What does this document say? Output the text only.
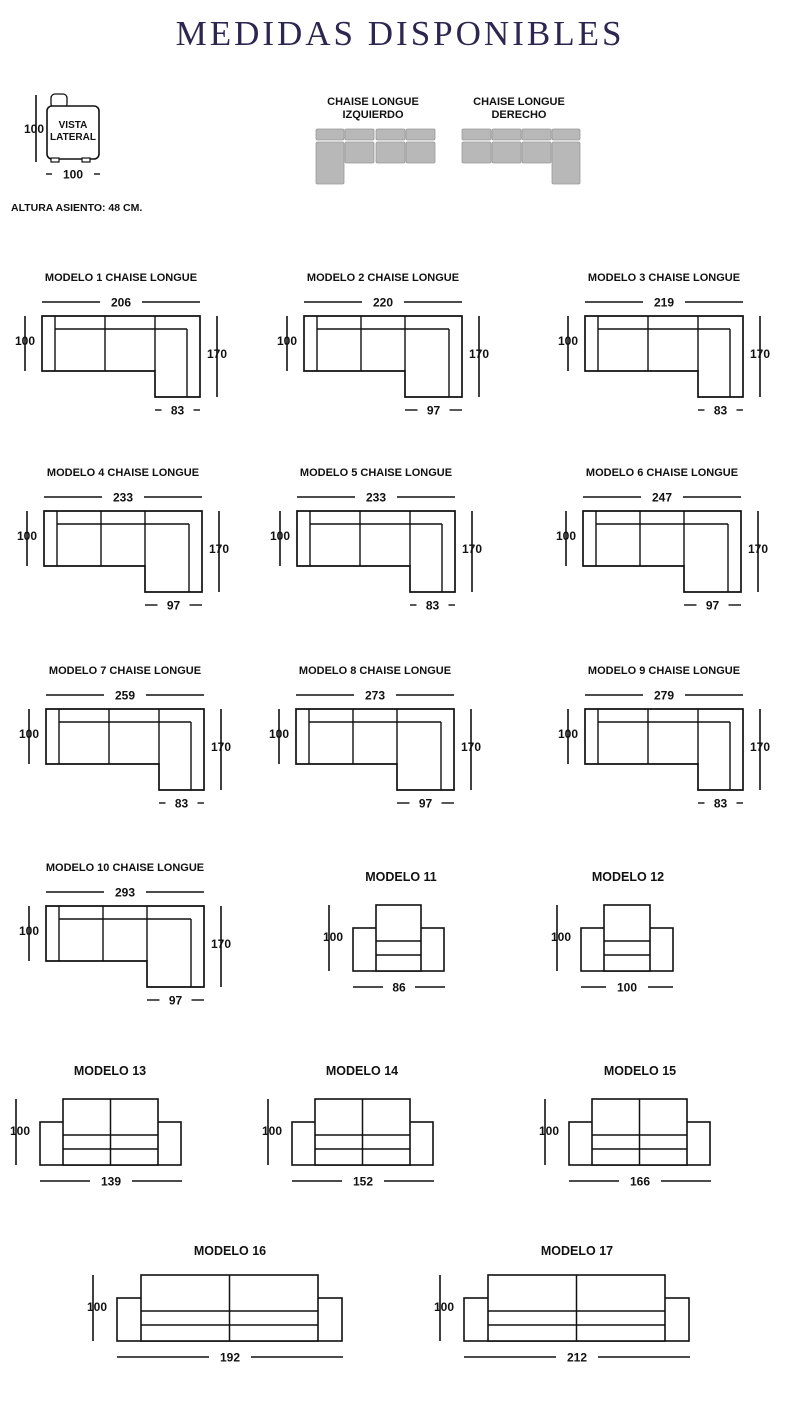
MEDIDAS DISPONIBLES
100 VISTA
LATERAL
100
ALTURA ASIENTO: 48 CM.
CHAISE LONGUE
IZQUIERDO
CHAISE LONGUE
DERECHO
MODELO 1 CHAISE LONGUE
206
100
170
83
MODELO 2 CHAISE LONGUE
220
100
170
97
MODELO 3 CHAISE LONGUE
219
100
170
83
MODELO 4 CHAISE LONGUE
233
100
170
97
MODELO 5 CHAISE LONGUE
233
100
170
83
MODELO 6 CHAISE LONGUE
247
100
170
97
MODELO 7 CHAISE LONGUE
259
100
170
83
MODELO 8 CHAISE LONGUE
273
100
170
97
MODELO 9 CHAISE LONGUE
279
100
170
83
MODELO 10 CHAISE LONGUE
293
100
170
97
MODELO 11
100
86
MODELO 12
100
100
MODELO 13
100
139
MODELO 14
100
152
MODELO 15
100
166
MODELO 16
100
192
MODELO 17
100
212
